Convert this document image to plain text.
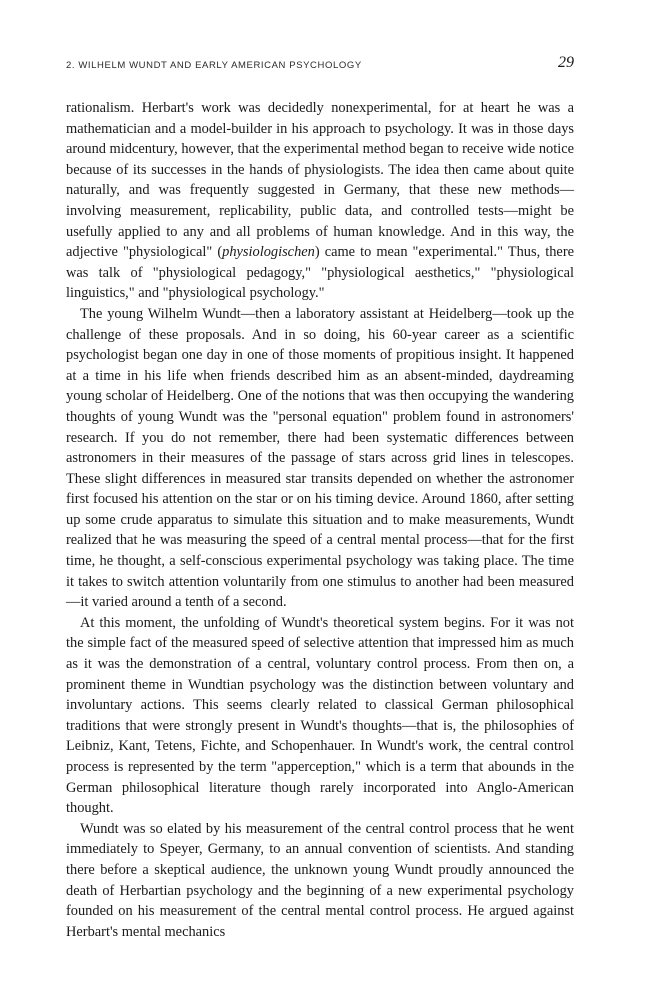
2. WILHELM WUNDT AND EARLY AMERICAN PSYCHOLOGY	29

rationalism. Herbart's work was decidedly nonexperimental, for at heart he was a mathematician and a model-builder in his approach to psychology. It was in those days around midcentury, however, that the experimental method began to receive wide notice because of its successes in the hands of physiologists. The idea then came about quite naturally, and was frequently suggested in Germany, that these new methods—involving measurement, replicability, public data, and controlled tests—might be usefully applied to any and all problems of human knowledge. And in this way, the adjective "physiological" (physiologischen) came to mean "experimental." Thus, there was talk of "physiological pedagogy," "physiological aesthetics," "physiological linguistics," and "physiological psychology."

The young Wilhelm Wundt—then a laboratory assistant at Heidelberg—took up the challenge of these proposals. And in so doing, his 60-year career as a scientific psychologist began one day in one of those moments of propitious insight. It happened at a time in his life when friends described him as an absent-minded, daydreaming young scholar of Heidelberg. One of the notions that was then occupying the wandering thoughts of young Wundt was the "personal equation" problem found in astronomers' research. If you do not remember, there had been systematic differences between astronomers in their measures of the passage of stars across grid lines in telescopes. These slight differences in measured star transits depended on whether the astronomer first focused his attention on the star or on his timing device. Around 1860, after setting up some crude apparatus to simulate this situation and to make measurements, Wundt realized that he was measuring the speed of a central mental process—that for the first time, he thought, a self-conscious experimental psychology was taking place. The time it takes to switch attention voluntarily from one stimulus to another had been measured—it varied around a tenth of a second.

At this moment, the unfolding of Wundt's theoretical system begins. For it was not the simple fact of the measured speed of selective attention that impressed him as much as it was the demonstration of a central, voluntary control process. From then on, a prominent theme in Wundtian psychology was the distinction between voluntary and involuntary actions. This seems clearly related to classical German philosophical traditions that were strongly present in Wundt's thoughts—that is, the philosophies of Leibniz, Kant, Tetens, Fichte, and Schopenhauer. In Wundt's work, the central control process is represented by the term "apperception," which is a term that abounds in the German philosophical literature though rarely incorporated into Anglo-American thought.

Wundt was so elated by his measurement of the central control process that he went immediately to Speyer, Germany, to an annual convention of scientists. And standing there before a skeptical audience, the unknown young Wundt proudly announced the death of Herbartian psychology and the beginning of a new experimental psychology founded on his measurement of the central mental control process. He argued against Herbart's mental mechanics
